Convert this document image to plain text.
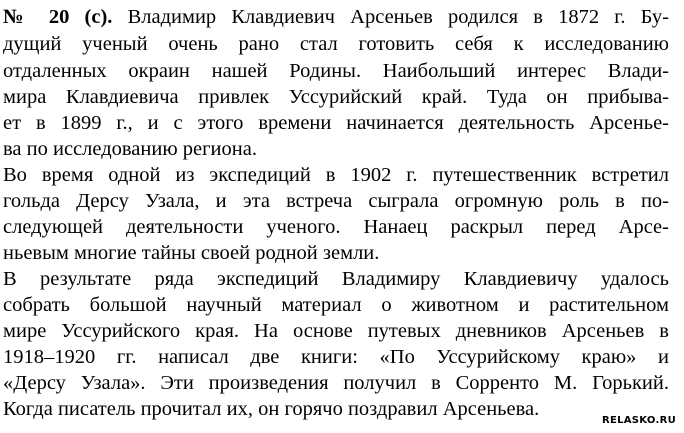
№ 20 (с). Владимир Клавдиевич Арсеньев родился в 1872 г. Бу-
дущий ученый очень рано стал готовить себя к исследованию
отдаленных окраин нашей Родины. Наибольший интерес Влади-
мира Клавдиевича привлек Уссурийский край. Туда он прибыва-
ет в 1899 г., и с этого времени начинается деятельность Арсенье-
ва по исследованию региона.
Во время одной из экспедиций в 1902 г. путешественник встретил
гольда Дерсу Узала, и эта встреча сыграла огромную роль в по-
следующей деятельности ученого. Нанаец раскрыл перед Арсе-
ньевым многие тайны своей родной земли.
В результате ряда экспедиций Владимиру Клавдиевичу удалось
собрать большой научный материал о животном и растительном
мире Уссурийского края. На основе путевых дневников Арсеньев в
1918–1920 гг. написал две книги: «По Уссурийскому краю» и
«Дерсу Узала». Эти произведения получил в Сорренто М. Горький.
Когда писатель прочитал их, он горячо поздравил Арсеньева.
RELASKO.RU
